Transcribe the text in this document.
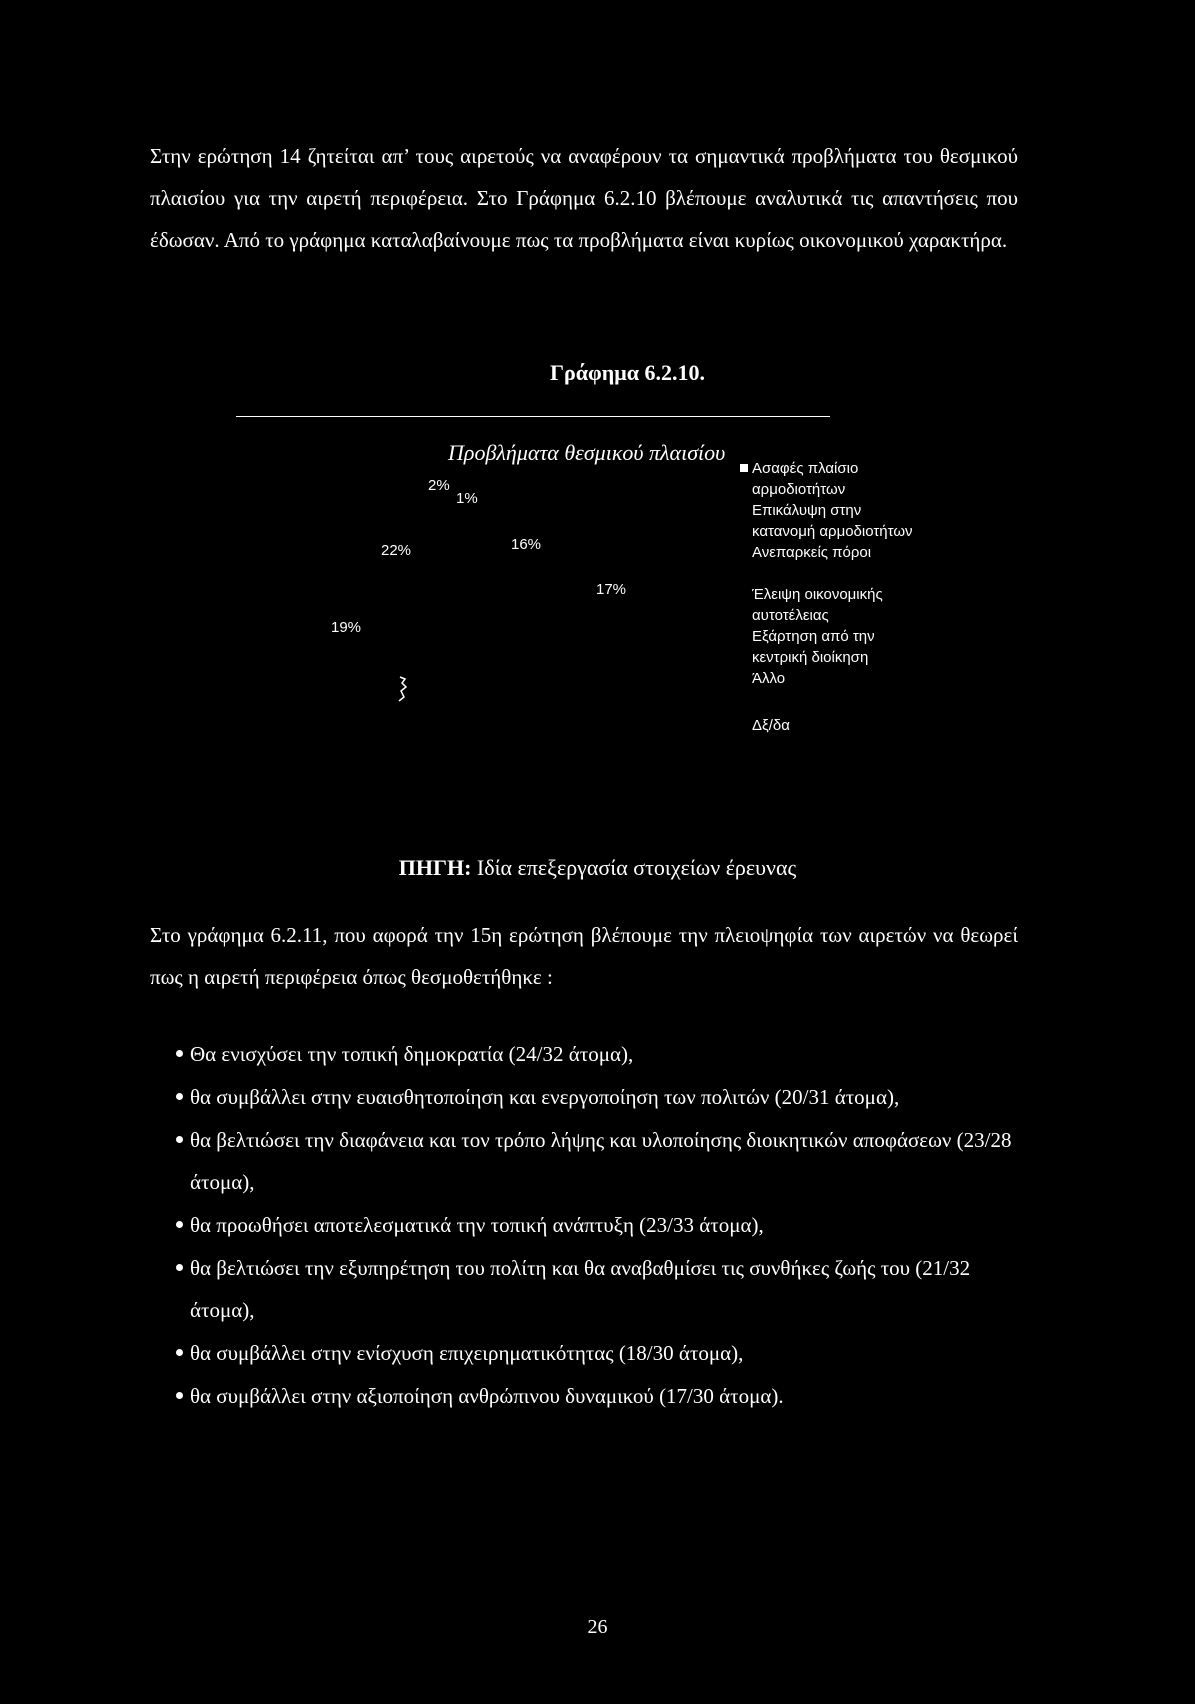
Στην ερώτηση 14 ζητείται απ’ τους αιρετούς να αναφέρουν τα σημαντικά προβλήματα του θεσμικού πλαισίου για την αιρετή περιφέρεια. Στο Γράφημα 6.2.10 βλέπουμε αναλυτικά τις απαντήσεις που έδωσαν. Από το γράφημα καταλαβαίνουμε πως τα προβλήματα είναι κυρίως οικονομικού χαρακτήρα.

Γράφημα 6.2.10.
Προβλήματα θεσμικού πλαισίου
2%
1%
16%
22%
17%
19%
Ασαφές πλαίσιο
αρμοδιοτήτων
Επικάλυψη στην
κατανομή αρμοδιοτήτων
Ανεπαρκείς πόροι
Έλειψη οικονομικής
αυτοτέλειας
Εξάρτηση από την
κεντρική διοίκηση
Άλλο
Δξ/δα
ΠΗΓΗ: Ιδία επεξεργασία στοιχείων έρευνας

Στο γράφημα 6.2.11, που αφορά την 15η ερώτηση βλέπουμε την πλειοψηφία των αιρετών να θεωρεί πως η αιρετή περιφέρεια όπως θεσμοθετήθηκε :

Θα ενισχύσει την τοπική δημοκρατία (24/32 άτομα),
θα συμβάλλει στην ευαισθητοποίηση και ενεργοποίηση των πολιτών (20/31 άτομα),
θα βελτιώσει την διαφάνεια και τον τρόπο λήψης και υλοποίησης διοικητικών αποφάσεων (23/28 άτομα),
θα προωθήσει αποτελεσματικά την τοπική ανάπτυξη (23/33 άτομα),
θα βελτιώσει την εξυπηρέτηση του πολίτη και θα αναβαθμίσει τις συνθήκες ζωής του (21/32 άτομα),
θα συμβάλλει στην ενίσχυση επιχειρηματικότητας (18/30 άτομα),
θα συμβάλλει στην αξιοποίηση ανθρώπινου δυναμικού (17/30 άτομα).
26
